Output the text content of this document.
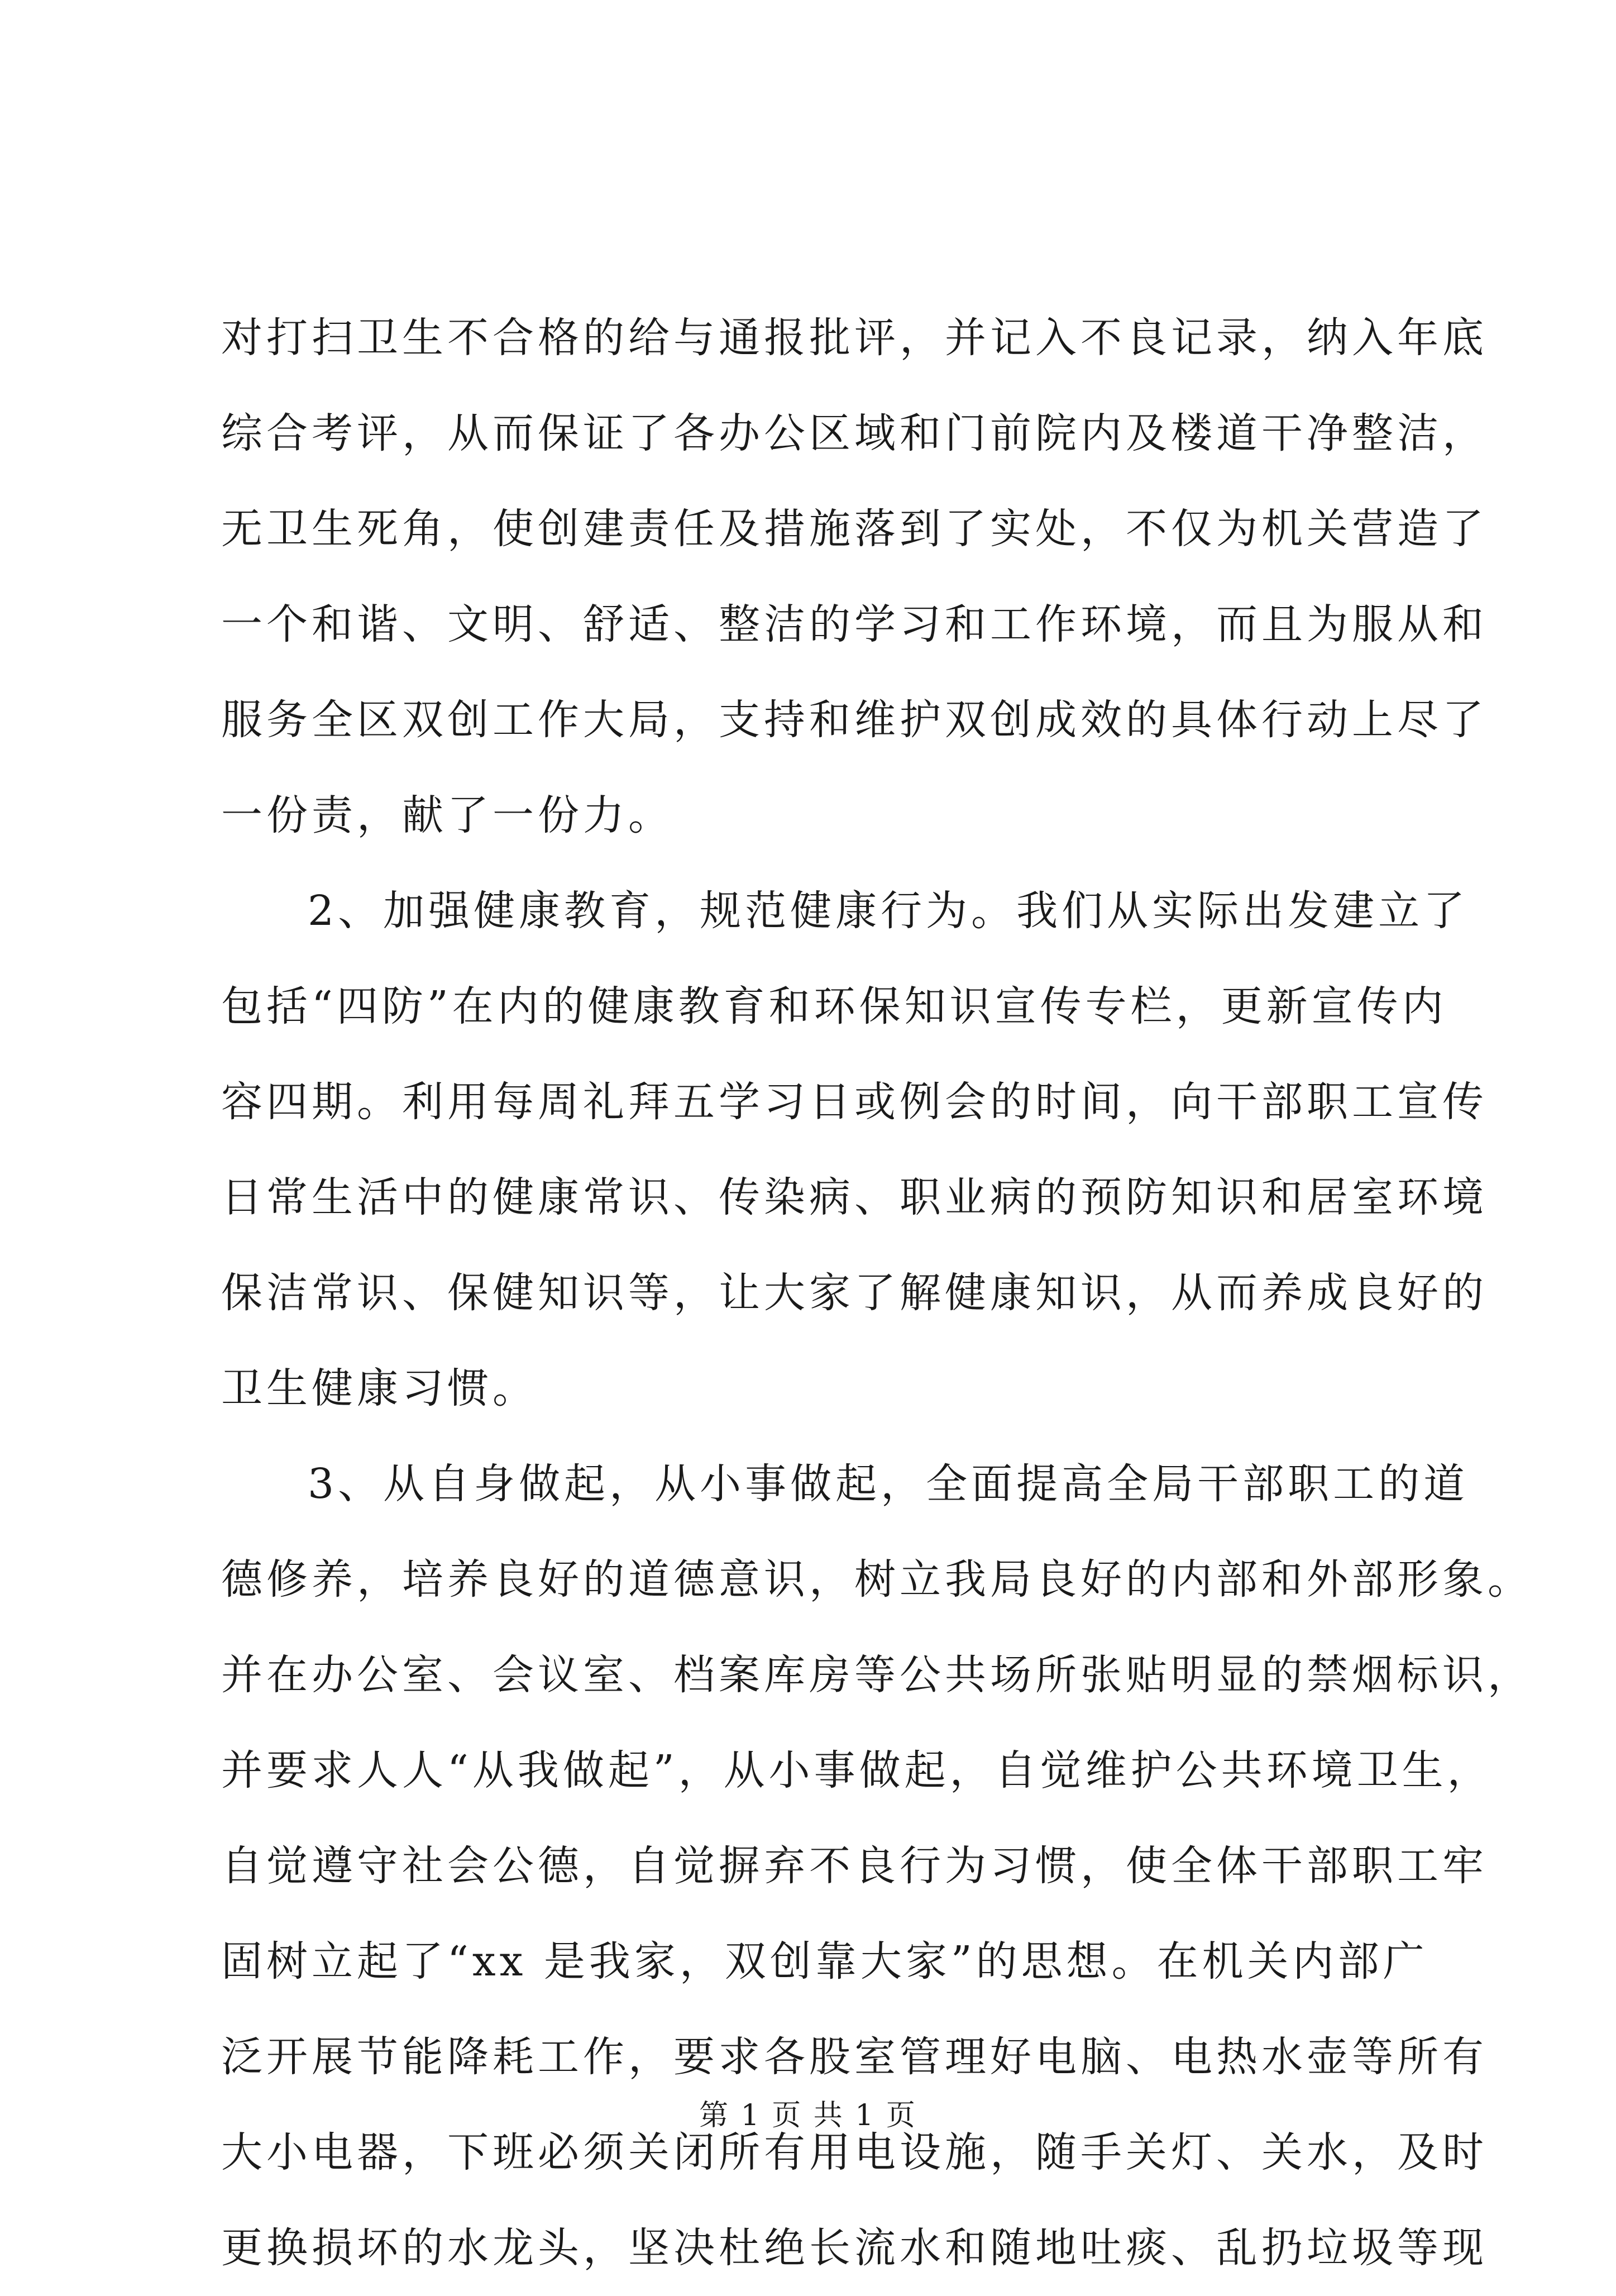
对打扫卫生不合格的给与通报批评，并记入不良记录，纳入年底
综合考评，从而保证了各办公区域和门前院内及楼道干净整洁，
无卫生死角，使创建责任及措施落到了实处，不仅为机关营造了
一个和谐、文明、舒适、整洁的学习和工作环境，而且为服从和
服务全区双创工作大局，支持和维护双创成效的具体行动上尽了
一份责，献了一份力。
2、加强健康教育，规范健康行为。我们从实际出发建立了
包括“四防”在内的健康教育和环保知识宣传专栏，更新宣传内
容四期。利用每周礼拜五学习日或例会的时间，向干部职工宣传
日常生活中的健康常识、传染病、职业病的预防知识和居室环境
保洁常识、保健知识等，让大家了解健康知识，从而养成良好的
卫生健康习惯。
3、从自身做起，从小事做起，全面提高全局干部职工的道
德修养，培养良好的道德意识，树立我局良好的内部和外部形象。
并在办公室、会议室、档案库房等公共场所张贴明显的禁烟标识，
并要求人人“从我做起”，从小事做起，自觉维护公共环境卫生，
自觉遵守社会公德，自觉摒弃不良行为习惯，使全体干部职工牢
固树立起了“xx 是我家，双创靠大家”的思想。在机关内部广
泛开展节能降耗工作，要求各股室管理好电脑、电热水壶等所有
大小电器，下班必须关闭所有用电设施，随手关灯、关水，及时
更换损坏的水龙头，坚决杜绝长流水和随地吐痰、乱扔垃圾等现
第 1 页 共 1 页
